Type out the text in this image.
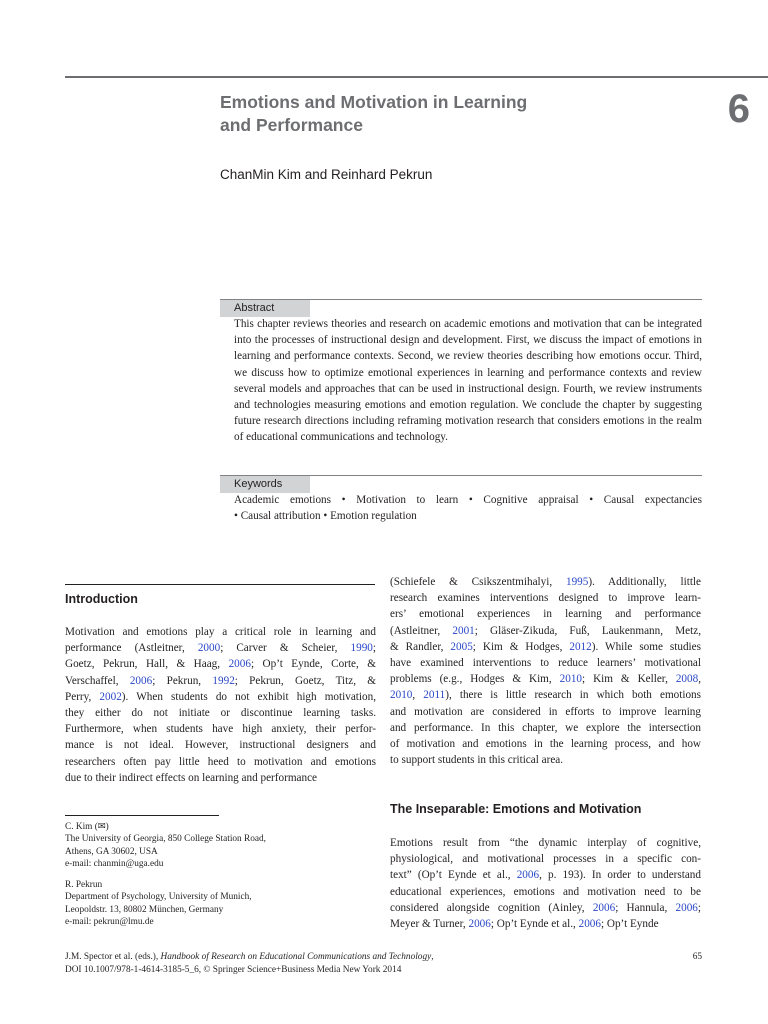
Emotions and Motivation in Learning
and Performance	6
ChanMin Kim and Reinhard Pekrun
Abstract
This chapter reviews theories and research on academic emotions and motivation that can be integrated into the processes of instructional design and development. First, we discuss the impact of emotions in learning and performance contexts. Second, we review theories describing how emotions occur. Third, we discuss how to optimize emotional experiences in learning and performance contexts and review several models and approaches that can be used in instructional design. Fourth, we review instruments and technologies measuring emotions and emotion regulation. We conclude the chapter by suggesting future research directions including reframing motivation research that considers emotions in the realm of educational communications and technology.
Keywords
Academic emotions • Motivation to learn • Cognitive appraisal • Causal expectancies
• Causal attribution • Emotion regulation
Introduction
Motivation and emotions play a critical role in learning and
performance (Astleitner, 2000; Carver & Scheier, 1990;
Goetz, Pekrun, Hall, & Haag, 2006; Op’t Eynde, Corte, &
Verschaffel, 2006; Pekrun, 1992; Pekrun, Goetz, Titz, &
Perry, 2002). When students do not exhibit high motivation,
they either do not initiate or discontinue learning tasks.
Furthermore, when students have high anxiety, their perfor-
mance is not ideal. However, instructional designers and
researchers often pay little heed to motivation and emotions
due to their indirect effects on learning and performance
C. Kim (✉)
The University of Georgia, 850 College Station Road,
Athens, GA 30602, USA
e-mail: chanmin@uga.edu
R. Pekrun
Department of Psychology, University of Munich,
Leopoldstr. 13, 80802 München, Germany
e-mail: pekrun@lmu.de
(Schiefele & Csikszentmihalyi, 1995). Additionally, little
research examines interventions designed to improve learn-
ers’ emotional experiences in learning and performance
(Astleitner, 2001; Gläser-Zikuda, Fuß, Laukenmann, Metz,
& Randler, 2005; Kim & Hodges, 2012). While some studies
have examined interventions to reduce learners’ motivational
problems (e.g., Hodges & Kim, 2010; Kim & Keller, 2008,
2010, 2011), there is little research in which both emotions
and motivation are considered in efforts to improve learning
and performance. In this chapter, we explore the intersection
of motivation and emotions in the learning process, and how
to support students in this critical area.
The Inseparable: Emotions and Motivation
Emotions result from “the dynamic interplay of cognitive,
physiological, and motivational processes in a specific con-
text” (Op’t Eynde et al., 2006, p. 193). In order to understand
educational experiences, emotions and motivation need to be
considered alongside cognition (Ainley, 2006; Hannula, 2006;
Meyer & Turner, 2006; Op’t Eynde et al., 2006; Op’t Eynde
J.M. Spector et al. (eds.), Handbook of Research on Educational Communications and Technology,
DOI 10.1007/978-1-4614-3185-5_6, © Springer Science+Business Media New York 2014
65
